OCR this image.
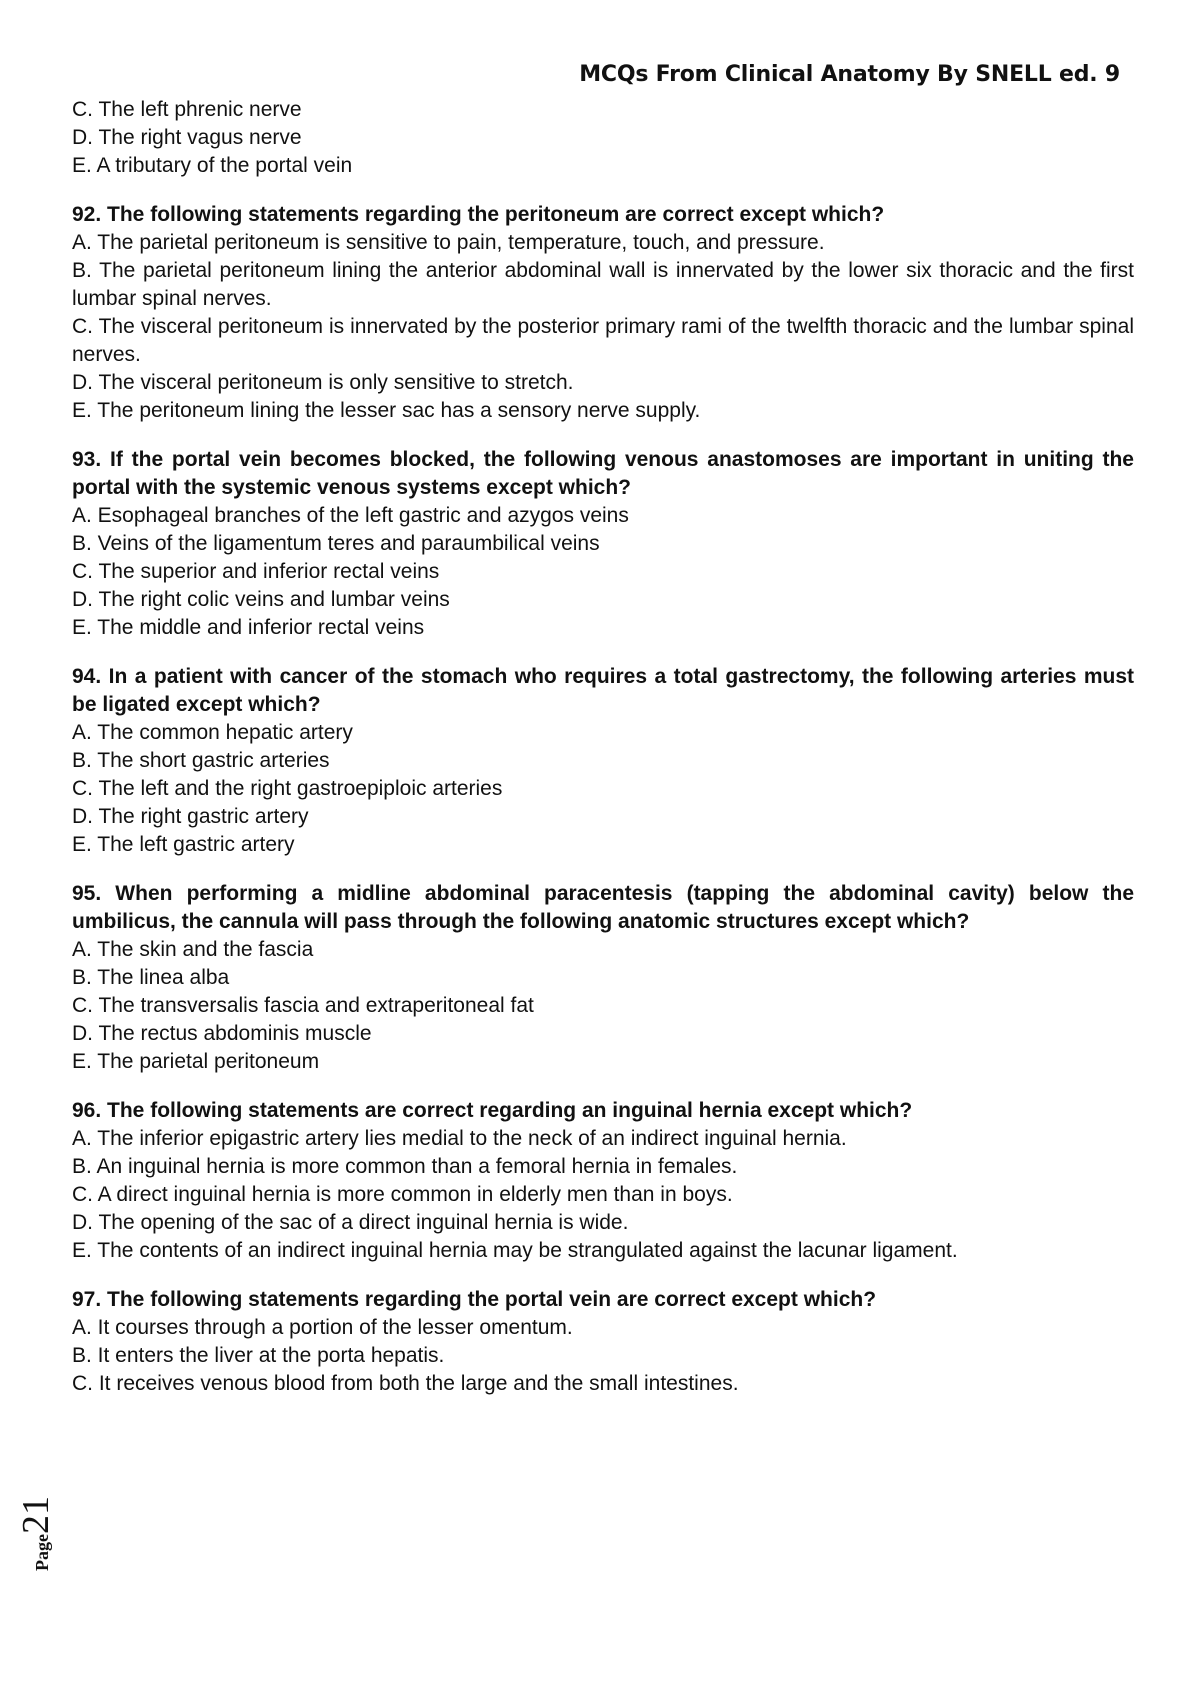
MCQs From Clinical Anatomy By SNELL ed. 9
C. The left phrenic nerve
D. The right vagus nerve
E. A tributary of the portal vein
92. The following statements regarding the peritoneum are correct except which?
A. The parietal peritoneum is sensitive to pain, temperature, touch, and pressure.
B. The parietal peritoneum lining the anterior abdominal wall is innervated by the lower six thoracic and the first lumbar spinal nerves.
C. The visceral peritoneum is innervated by the posterior primary rami of the twelfth thoracic and the lumbar spinal nerves.
D. The visceral peritoneum is only sensitive to stretch.
E. The peritoneum lining the lesser sac has a sensory nerve supply.
93. If the portal vein becomes blocked, the following venous anastomoses are important in uniting the portal with the systemic venous systems except which?
A. Esophageal branches of the left gastric and azygos veins
B. Veins of the ligamentum teres and paraumbilical veins
C. The superior and inferior rectal veins
D. The right colic veins and lumbar veins
E. The middle and inferior rectal veins
94. In a patient with cancer of the stomach who requires a total gastrectomy, the following arteries must be ligated except which?
A. The common hepatic artery
B. The short gastric arteries
C. The left and the right gastroepiploic arteries
D. The right gastric artery
E. The left gastric artery
95. When performing a midline abdominal paracentesis (tapping the abdominal cavity) below the umbilicus, the cannula will pass through the following anatomic structures except which?
A. The skin and the fascia
B. The linea alba
C. The transversalis fascia and extraperitoneal fat
D. The rectus abdominis muscle
E. The parietal peritoneum
96. The following statements are correct regarding an inguinal hernia except which?
A. The inferior epigastric artery lies medial to the neck of an indirect inguinal hernia.
B. An inguinal hernia is more common than a femoral hernia in females.
C. A direct inguinal hernia is more common in elderly men than in boys.
D. The opening of the sac of a direct inguinal hernia is wide.
E. The contents of an indirect inguinal hernia may be strangulated against the lacunar ligament.
97. The following statements regarding the portal vein are correct except which?
A. It courses through a portion of the lesser omentum.
B. It enters the liver at the porta hepatis.
C. It receives venous blood from both the large and the small intestines.
Page21
